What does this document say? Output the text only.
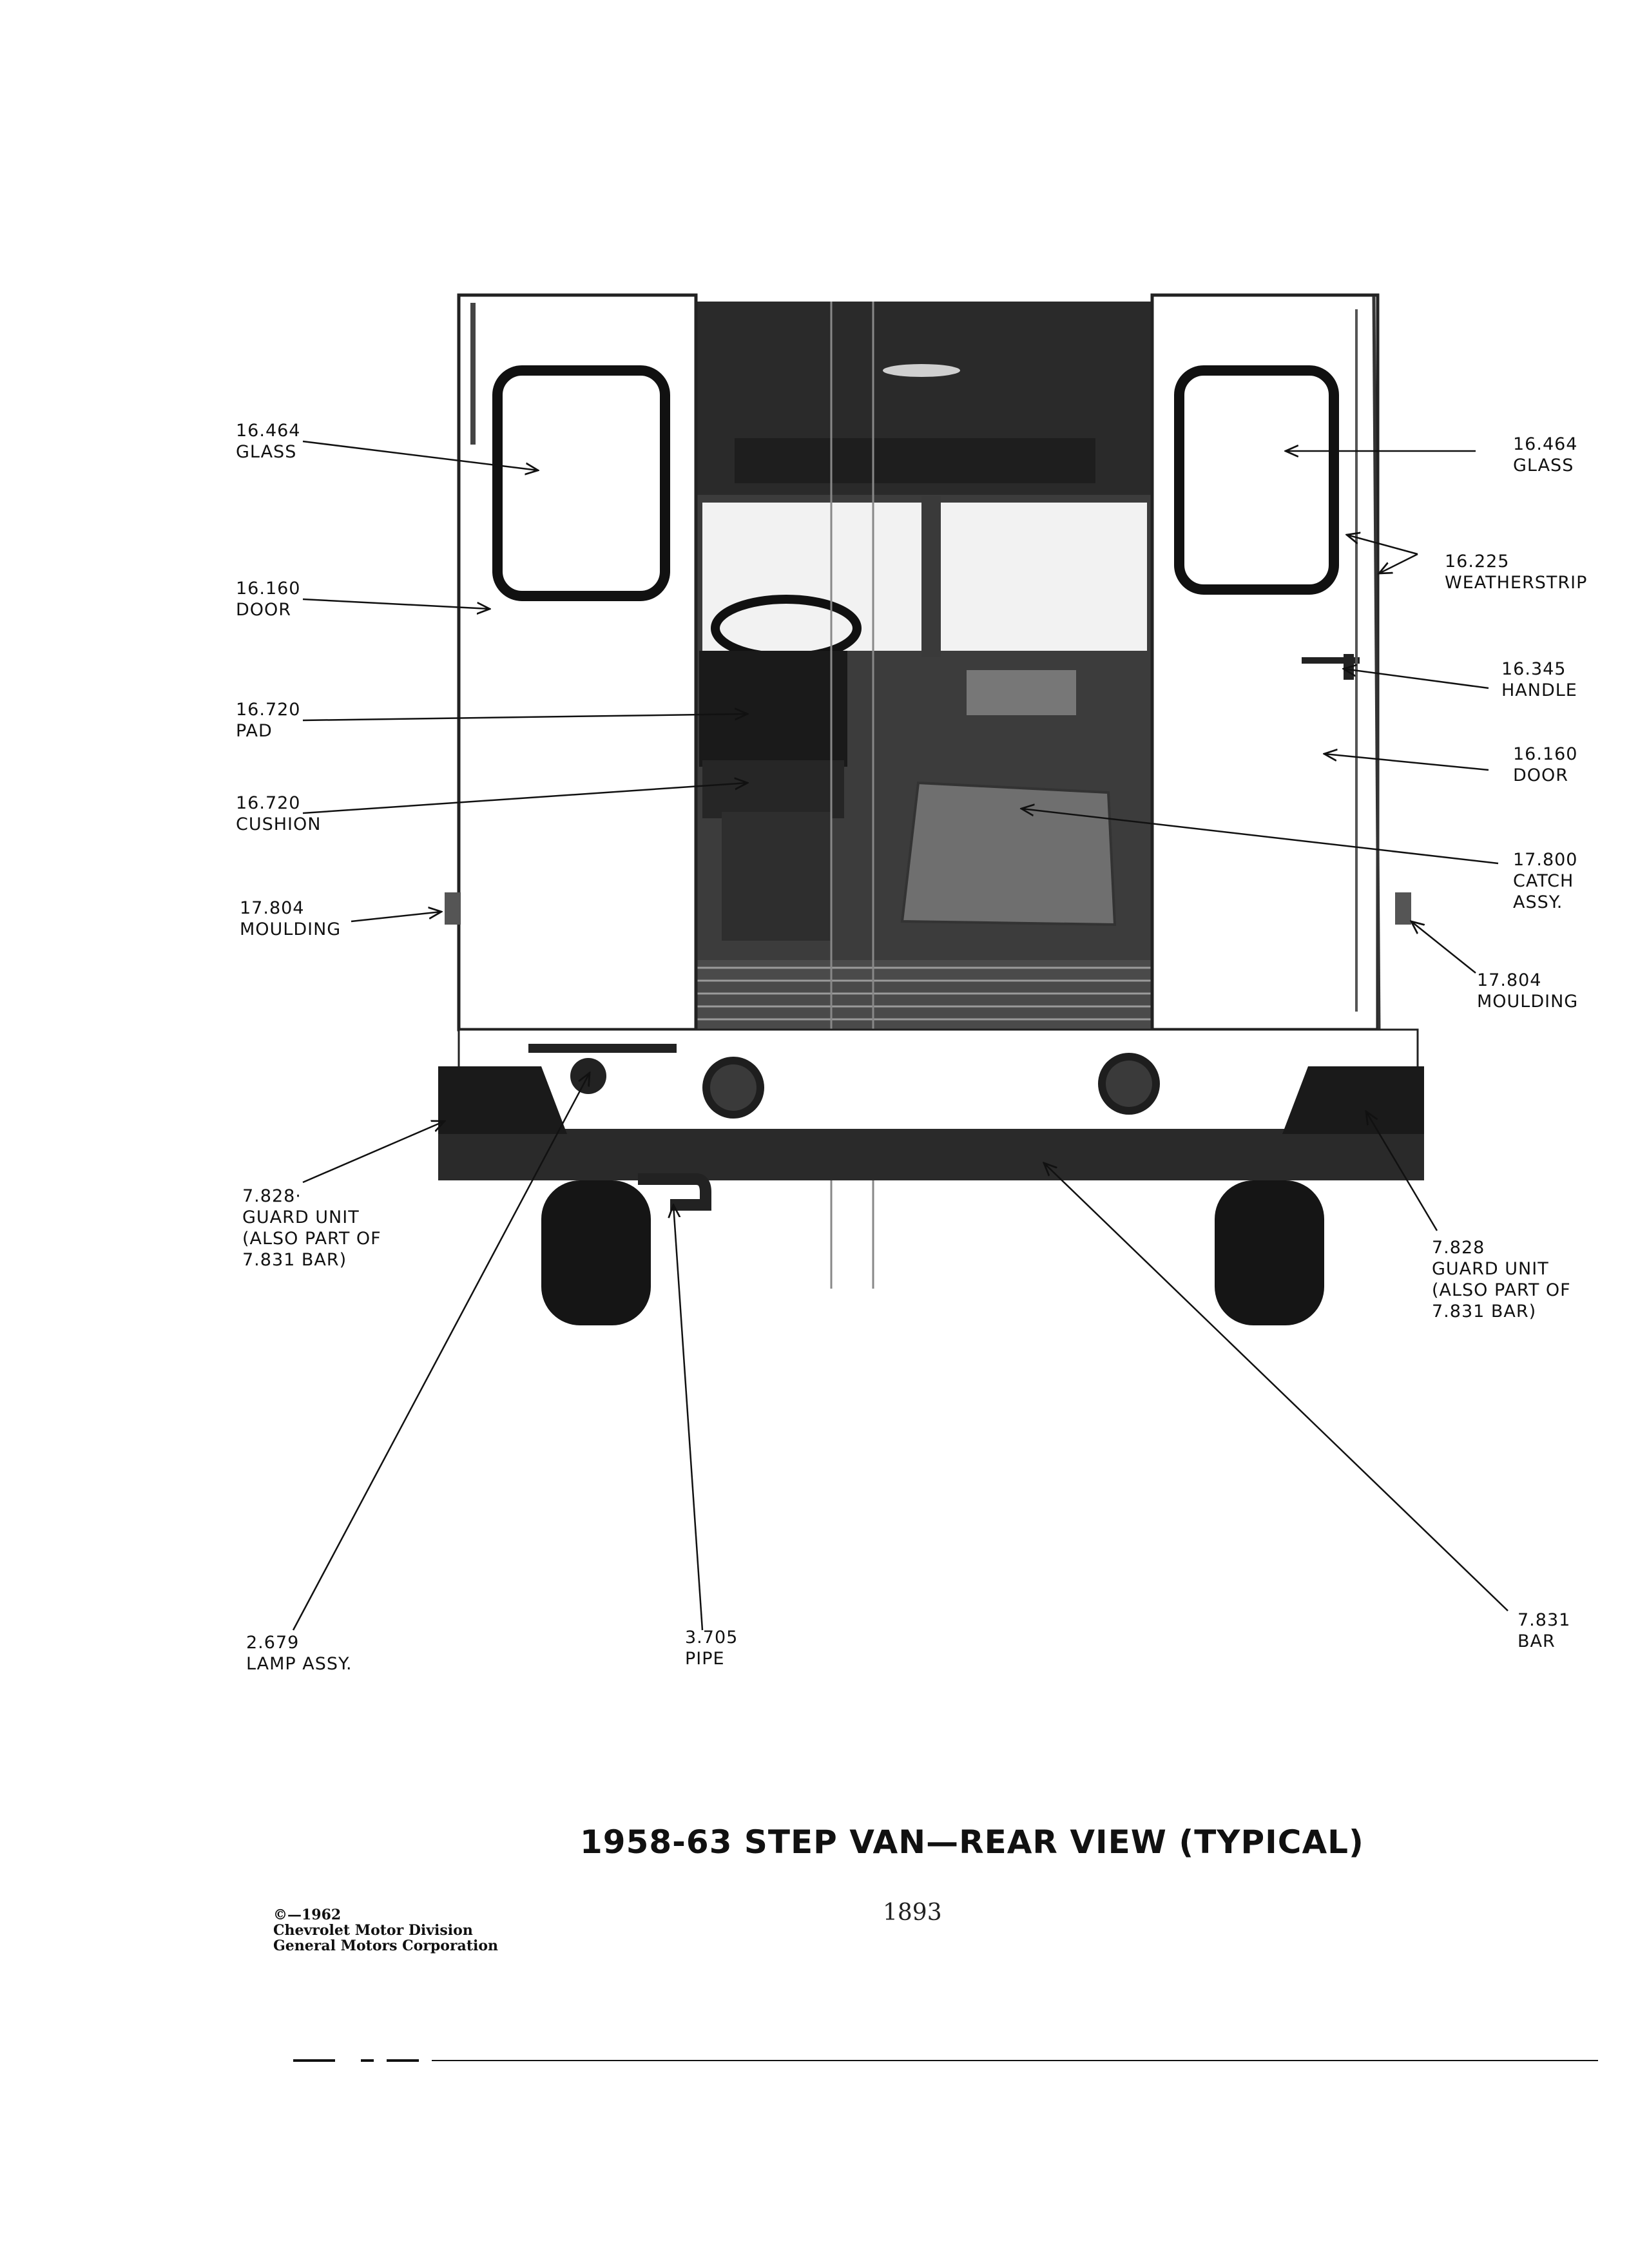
16.464
GLASS
16.160
DOOR
16.720
PAD
16.720
CUSHION
17.804
MOULDING
7.828·
GUARD UNIT
(ALSO PART OF
7.831 BAR)
2.679
LAMP ASSY.
3.705
PIPE
16.464
GLASS
16.225
WEATHERSTRIP
16.345
HANDLE
16.160
DOOR
17.800
CATCH
ASSY.
17.804
MOULDING
7.828
GUARD UNIT
(ALSO PART OF
7.831 BAR)
7.831
BAR
1958-63 STEP VAN—REAR VIEW (TYPICAL)
©—1962
Chevrolet Motor Division
General Motors Corporation
1893
